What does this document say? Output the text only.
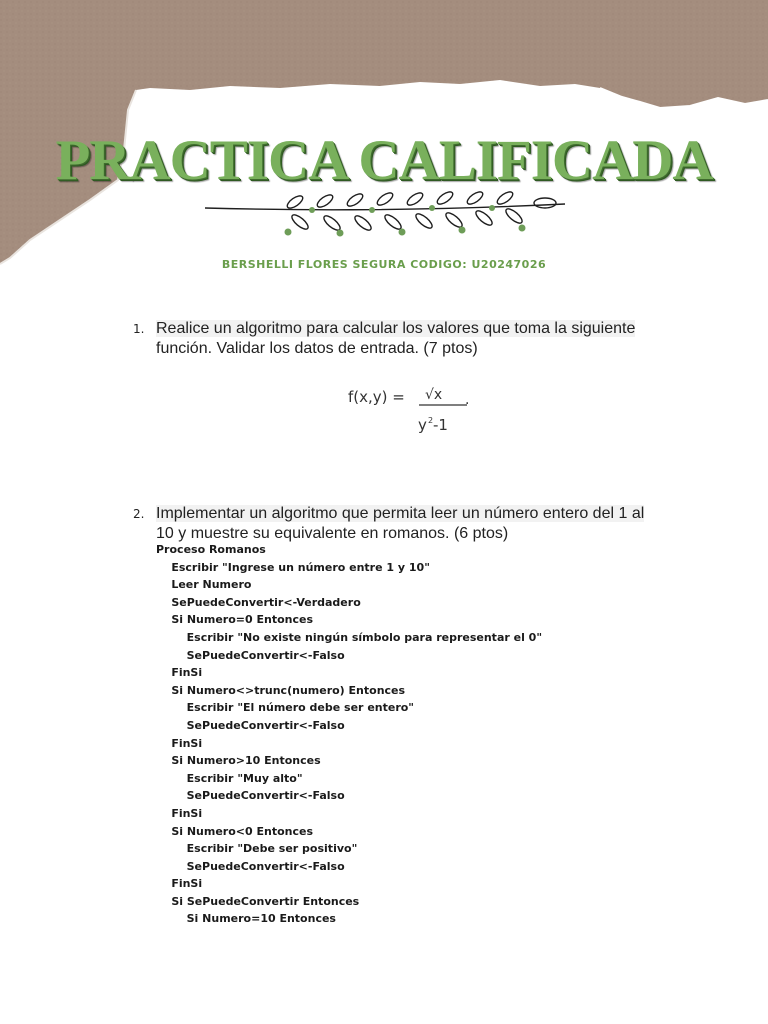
PRACTICA CALIFICADA
BERSHELLI FLORES SEGURA CODIGO: U20247026
1. Realice un algoritmo para calcular los valores que toma la siguiente
función. Validar los datos de entrada. (7 ptos)
f(x,y) = √x .
y 2 -1
2. Implementar un algoritmo que permita leer un número entero del 1 al
10 y muestre su equivalente en romanos. (6 ptos)
Proceso Romanos
Escribir "Ingrese un número entre 1 y 10"
Leer Numero
SePuedeConvertir<-Verdadero
Si Numero=0 Entonces
Escribir "No existe ningún símbolo para representar el 0"
SePuedeConvertir<-Falso
FinSi
Si Numero<>trunc(numero) Entonces
Escribir "El número debe ser entero"
SePuedeConvertir<-Falso
FinSi
Si Numero>10 Entonces
Escribir "Muy alto"
SePuedeConvertir<-Falso
FinSi
Si Numero<0 Entonces
Escribir "Debe ser positivo"
SePuedeConvertir<-Falso
FinSi
Si SePuedeConvertir Entonces
Si Numero=10 Entonces
